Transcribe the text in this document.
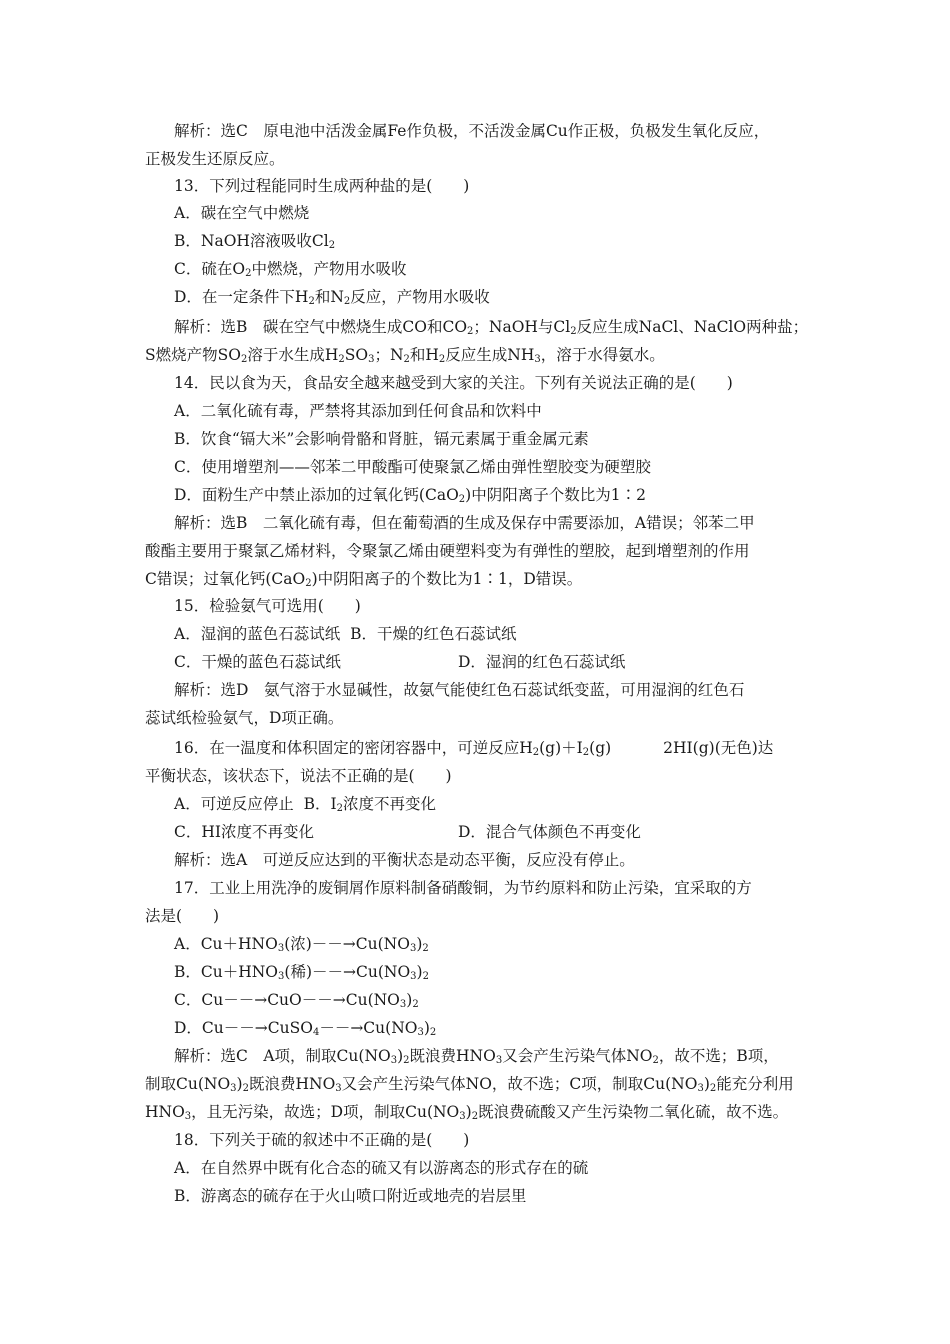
解析：选C　原电池中活泼金属Fe作负极，不活泼金属Cu作正极，负极发生氧化反应，
正极发生还原反应。
13．下列过程能同时生成两种盐的是(　　)
A．碳在空气中燃烧
B．NaOH溶液吸收$Cl_2$
C．硫在$O_2$中燃烧，产物用水吸收
D．在一定条件下$H_2$和$N_2$反应，产物用水吸收
解析：选B　碳在空气中燃烧生成CO和$CO_2$；NaOH与$Cl_2$反应生成NaCl、NaClO两种盐；
S燃烧产物$SO_2$溶于水生成$H_2SO_3$；$N_2$和$H_2$反应生成$NH_3$，溶于水得氨水。
14．民以食为天，食品安全越来越受到大家的关注。下列有关说法正确的是(　　)
A．二氧化硫有毒，严禁将其添加到任何食品和饮料中
B．饮食“镉大米”会影响骨骼和肾脏，镉元素属于重金属元素
C．使用增塑剂——邻苯二甲酸酯可使聚氯乙烯由弹性塑胶变为硬塑胶
D．面粉生产中禁止添加的过氧化钙(CaO$_2$)中阴阳离子个数比为1∶2
解析：选B　二氧化硫有毒，但在葡萄酒的生成及保存中需要添加，A错误；邻苯二甲
酸酯主要用于聚氯乙烯材料，令聚氯乙烯由硬塑料变为有弹性的塑胶，起到增塑剂的作用
C错误；过氧化钙(CaO$_2$)中阴阳离子的个数比为1∶1，D错误。
15．检验氨气可选用(　　)
A．湿润的蓝色石蕊试纸 B．干燥的红色石蕊试纸
C．干燥的蓝色石蕊试纸	D．湿润的红色石蕊试纸
解析：选D　氨气溶于水显碱性，故氨气能使红色石蕊试纸变蓝，可用湿润的红色石
蕊试纸检验氨气，D项正确。
16．在一温度和体积固定的密闭容器中，可逆反应$H_2(g)+I_2(g)$	2HI(g)(无色)达
平衡状态，该状态下，说法不正确的是(　　)
A．可逆反应停止 B．$I_2$浓度不再变化
C．HI浓度不再变化	D．混合气体颜色不再变化
解析：选A　可逆反应达到的平衡状态是动态平衡，反应没有停止。
17．工业上用洗净的废铜屑作原料制备硝酸铜，为节约原料和防止污染，宜采取的方
法是(　　)
A．$Cu+HNO_3$(浓)$--\to Cu(NO_3)_2$
B．$Cu+HNO_3$(稀)$--\to Cu(NO_3)_2$
C．$Cu--\to CuO--\to Cu(NO_3)_2$
D．$Cu--\to CuSO_4--\to Cu(NO_3)_2$
解析：选C　A项，制取$Cu(NO_3)_2$既浪费$HNO_3$又会产生污染气体$NO_2$，故不选；B项，
制取$Cu(NO_3)_2$既浪费$HNO_3$又会产生污染气体NO，故不选；C项，制取$Cu(NO_3)_2$能充分利用
$HNO_3$，且无污染，故选；D项，制取$Cu(NO_3)_2$既浪费硫酸又产生污染物二氧化硫，故不选。
18．下列关于硫的叙述中不正确的是(　　)
A．在自然界中既有化合态的硫又有以游离态的形式存在的硫
B．游离态的硫存在于火山喷口附近或地壳的岩层里
